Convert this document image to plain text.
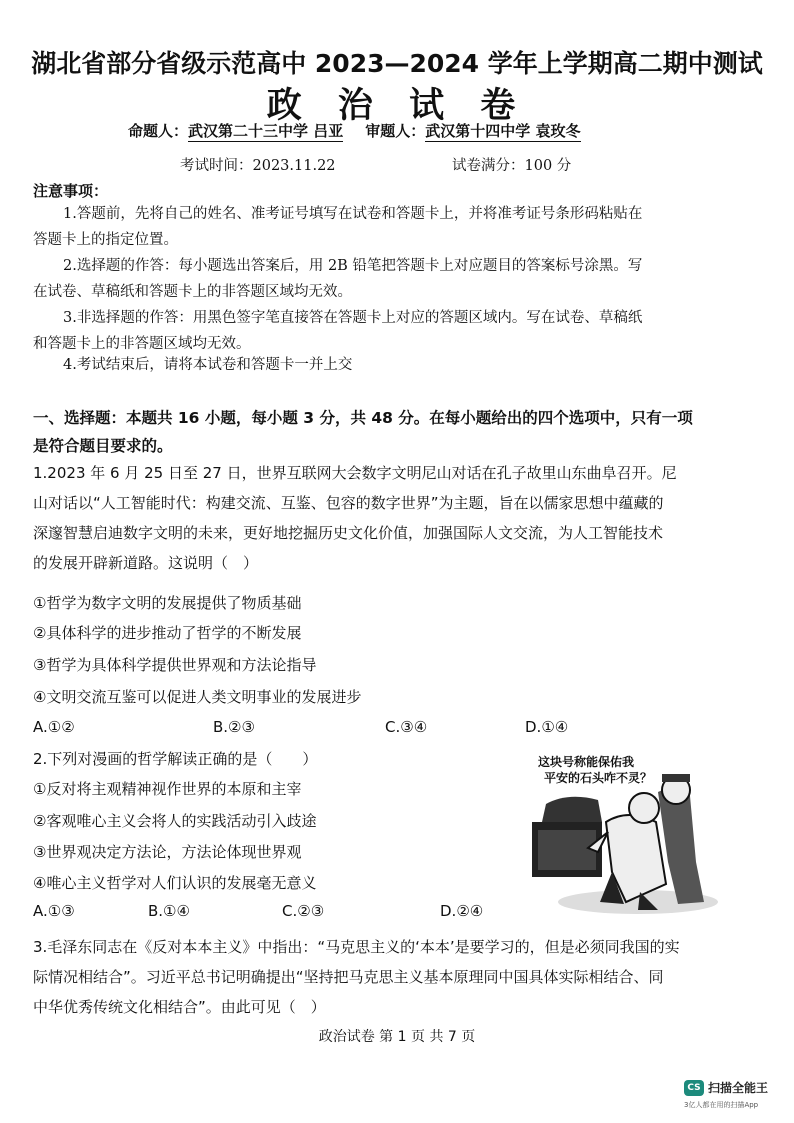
湖北省部分省级示范高中 2023—2024 学年上学期高二期中测试
政 治 试 卷
命题人：武汉第二十三中学 吕亚 审题人：武汉第十四中学 袁玫冬
考试时间：2023.11.22	试卷满分：100 分
注意事项：
1.答题前，先将自己的姓名、准考证号填写在试卷和答题卡上，并将准考证号条形码粘贴在
答题卡上的指定位置。
2.选择题的作答：每小题选出答案后，用 2B 铅笔把答题卡上对应题目的答案标号涂黑。写
在试卷、草稿纸和答题卡上的非答题区域均无效。
3.非选择题的作答：用黑色签字笔直接答在答题卡上对应的答题区域内。写在试卷、草稿纸
和答题卡上的非答题区域均无效。
4.考试结束后，请将本试卷和答题卡一并上交
一、选择题：本题共 16 小题，每小题 3 分，共 48 分。在每小题给出的四个选项中，只有一项
是符合题目要求的。
1.2023 年 6 月 25 日至 27 日，世界互联网大会数字文明尼山对话在孔子故里山东曲阜召开。尼
山对话以“人工智能时代：构建交流、互鉴、包容的数字世界”为主题，旨在以儒家思想中蕴藏的
深邃智慧启迪数字文明的未来，更好地挖掘历史文化价值，加强国际人文交流，为人工智能技术
的发展开辟新道路。这说明（　）
①哲学为数字文明的发展提供了物质基础
②具体科学的进步推动了哲学的不断发展
③哲学为具体科学提供世界观和方法论指导
④文明交流互鉴可以促进人类文明事业的发展进步
A.①②	B.②③	C.③④	D.①④
2.下列对漫画的哲学解读正确的是（　　）
①反对将主观精神视作世界的本原和主宰
②客观唯心主义会将人的实践活动引入歧途
③世界观决定方法论，方法论体现世界观
④唯心主义哲学对人们认识的发展毫无意义
A.①③	B.①④	C.②③	D.②④
这块号称能保佑我
平安的石头咋不灵？
3.毛泽东同志在《反对本本主义》中指出：“马克思主义的‘本本’是要学习的，但是必须同我国的实
际情况相结合”。习近平总书记明确提出“坚持把马克思主义基本原理同中国具体实际相结合、同
中华优秀传统文化相结合”。由此可见（　）
政治试卷 第 1 页 共 7 页
CS 扫描全能王
3亿人都在用的扫描App
